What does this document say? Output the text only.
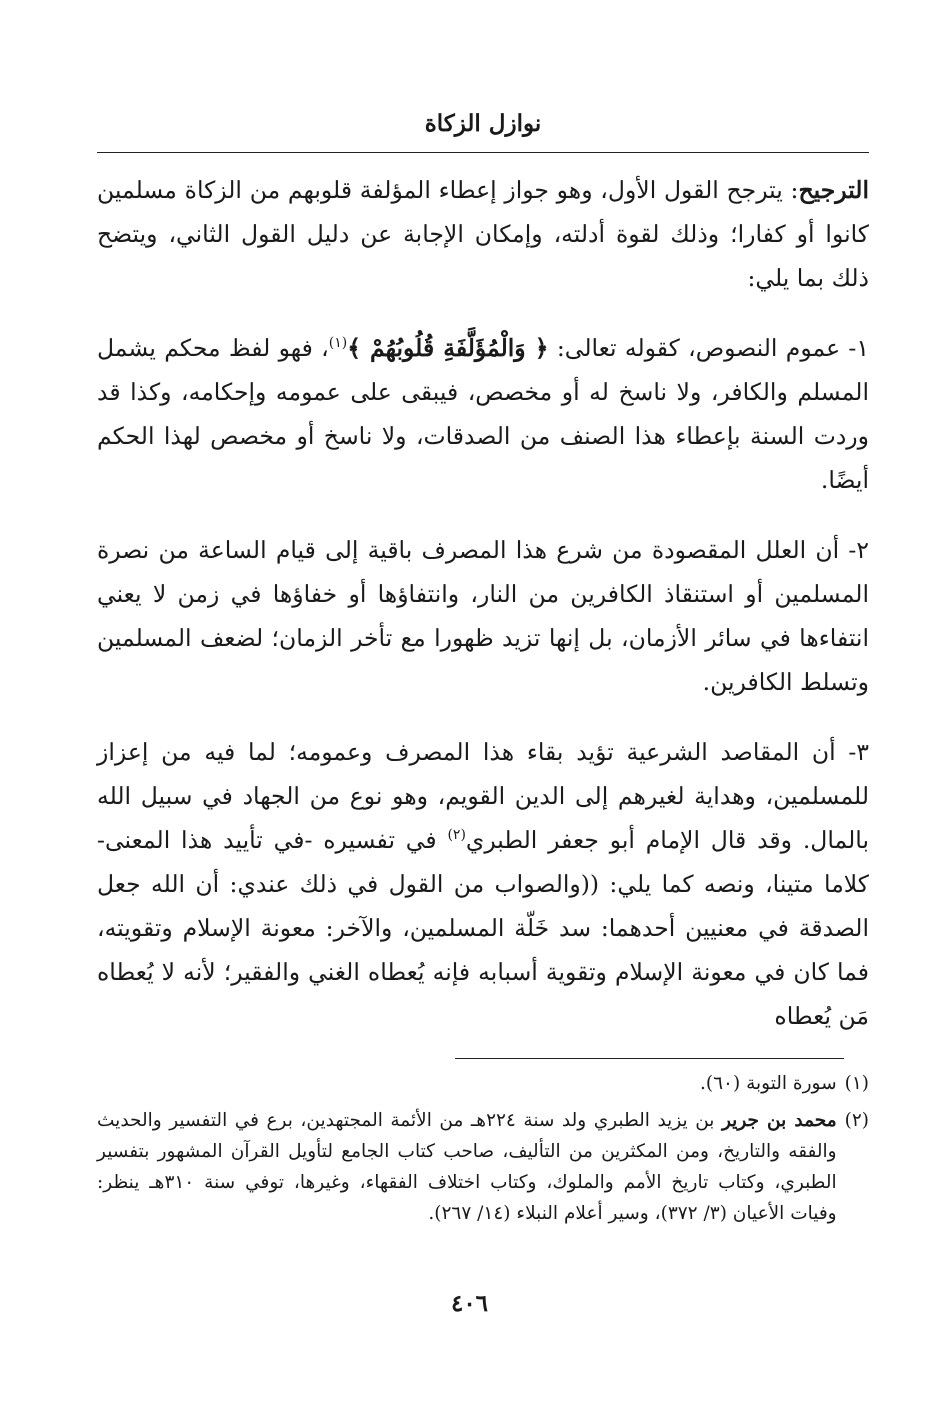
نوازل الزكاة

الترجيح: يترجح القول الأول، وهو جواز إعطاء المؤلفة قلوبهم من الزكاة مسلمين كانوا أو كفارا؛ وذلك لقوة أدلته، وإمكان الإجابة عن دليل القول الثاني، ويتضح ذلك بما يلي:

١- عموم النصوص، كقوله تعالى: ﴿ وَالْمُؤَلَّفَةِ قُلُوبُهُمْ ﴾$^{(١)}$، فهو لفظ محكم يشمل المسلم والكافر، ولا ناسخ له أو مخصص، فيبقى على عمومه وإحكامه، وكذا قد وردت السنة بإعطاء هذا الصنف من الصدقات، ولا ناسخ أو مخصص لهذا الحكم أيضًا.

٢- أن العلل المقصودة من شرع هذا المصرف باقية إلى قيام الساعة من نصرة المسلمين أو استنقاذ الكافرين من النار، وانتفاؤها أو خفاؤها في زمن لا يعني انتفاءها في سائر الأزمان، بل إنها تزيد ظهورا مع تأخر الزمان؛ لضعف المسلمين وتسلط الكافرين.

٣- أن المقاصد الشرعية تؤيد بقاء هذا المصرف وعمومه؛ لما فيه من إعزاز للمسلمين، وهداية لغيرهم إلى الدين القويم، وهو نوع من الجهاد في سبيل الله بالمال. وقد قال الإمام أبو جعفر الطبري$^{(٢)}$ في تفسيره -في تأييد هذا المعنى- كلاما متينا، ونصه كما يلي: ((والصواب من القول في ذلك عندي: أن الله جعل الصدقة في معنيين أحدهما: سد خَلّة المسلمين، والآخر: معونة الإسلام وتقويته، فما كان في معونة الإسلام وتقوية أسبابه فإنه يُعطاه الغني والفقير؛ لأنه لا يُعطاه مَن يُعطاه

(١)
سورة التوبة (٦٠).
(٢)
محمد بن جرير بن يزيد الطبري ولد سنة ٢٢٤هـ من الأئمة المجتهدين، برع في التفسير والحديث والفقه والتاريخ، ومن المكثرين من التأليف، صاحب كتاب الجامع لتأويل القرآن المشهور بتفسير الطبري، وكتاب تاريخ الأمم والملوك، وكتاب اختلاف الفقهاء، وغيرها، توفي سنة ٣١٠هـ ينظر: وفيات الأعيان (٣/ ٣٧٢)، وسير أعلام النبلاء (١٤/ ٢٦٧).
٤٠٦
